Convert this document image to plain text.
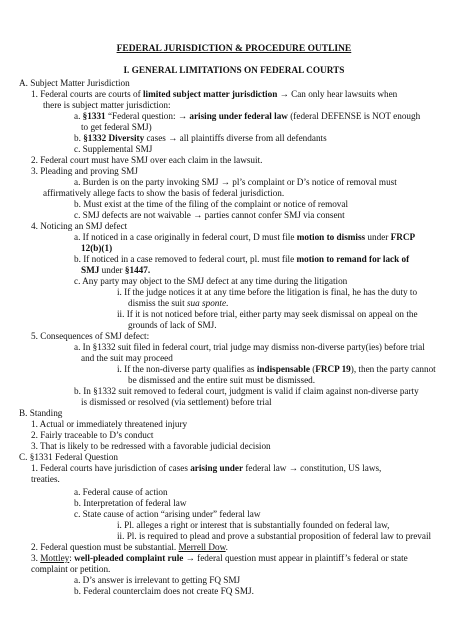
FEDERAL JURISDICTION & PROCEDURE OUTLINE
I. GENERAL LIMITATIONS ON FEDERAL COURTS
A. Subject Matter Jurisdiction
1. Federal courts are courts of limited subject matter jurisdiction → Can only hear lawsuits when
there is subject matter jurisdiction:
a. §1331 “Federal question: → arising under federal law (federal DEFENSE is NOT enough
to get federal SMJ)
b. §1332 Diversity cases → all plaintiffs diverse from all defendants
c. Supplemental SMJ
2. Federal court must have SMJ over each claim in the lawsuit.
3. Pleading and proving SMJ
a. Burden is on the party invoking SMJ → pl’s complaint or D’s notice of removal must
affirmatively allege facts to show the basis of federal jurisdiction.
b. Must exist at the time of the filing of the complaint or notice of removal
c. SMJ defects are not waivable → parties cannot confer SMJ via consent
4. Noticing an SMJ defect
a. If noticed in a case originally in federal court, D must file motion to dismiss under FRCP
12(b)(1)
b. If noticed in a case removed to federal court, pl. must file motion to remand for lack of
SMJ under §1447.
c. Any party may object to the SMJ defect at any time during the litigation
i. If the judge notices it at any time before the litigation is final, he has the duty to
dismiss the suit sua sponte.
ii. If it is not noticed before trial, either party may seek dismissal on appeal on the
grounds of lack of SMJ.
5. Consequences of SMJ defect:
a. In §1332 suit filed in federal court, trial judge may dismiss non-diverse party(ies) before trial
and the suit may proceed
i. If the non-diverse party qualifies as indispensable (FRCP 19), then the party cannot
be dismissed and the entire suit must be dismissed.
b. In §1332 suit removed to federal court, judgment is valid if claim against non-diverse party
is dismissed or resolved (via settlement) before trial
B. Standing
1. Actual or immediately threatened injury
2. Fairly traceable to D’s conduct
3. That is likely to be redressed with a favorable judicial decision
C. §1331 Federal Question
1. Federal courts have jurisdiction of cases arising under federal law → constitution, US laws,
treaties.
a. Federal cause of action
b. Interpretation of federal law
c. State cause of action “arising under” federal law
i. Pl. alleges a right or interest that is substantially founded on federal law,
ii. Pl. is required to plead and prove a substantial proposition of federal law to prevail
2. Federal question must be substantial. Merrell Dow.
3. Mottley: well-pleaded complaint rule → federal question must appear in plaintiff’s federal or state
complaint or petition.
a. D’s answer is irrelevant to getting FQ SMJ
b. Federal counterclaim does not create FQ SMJ.
